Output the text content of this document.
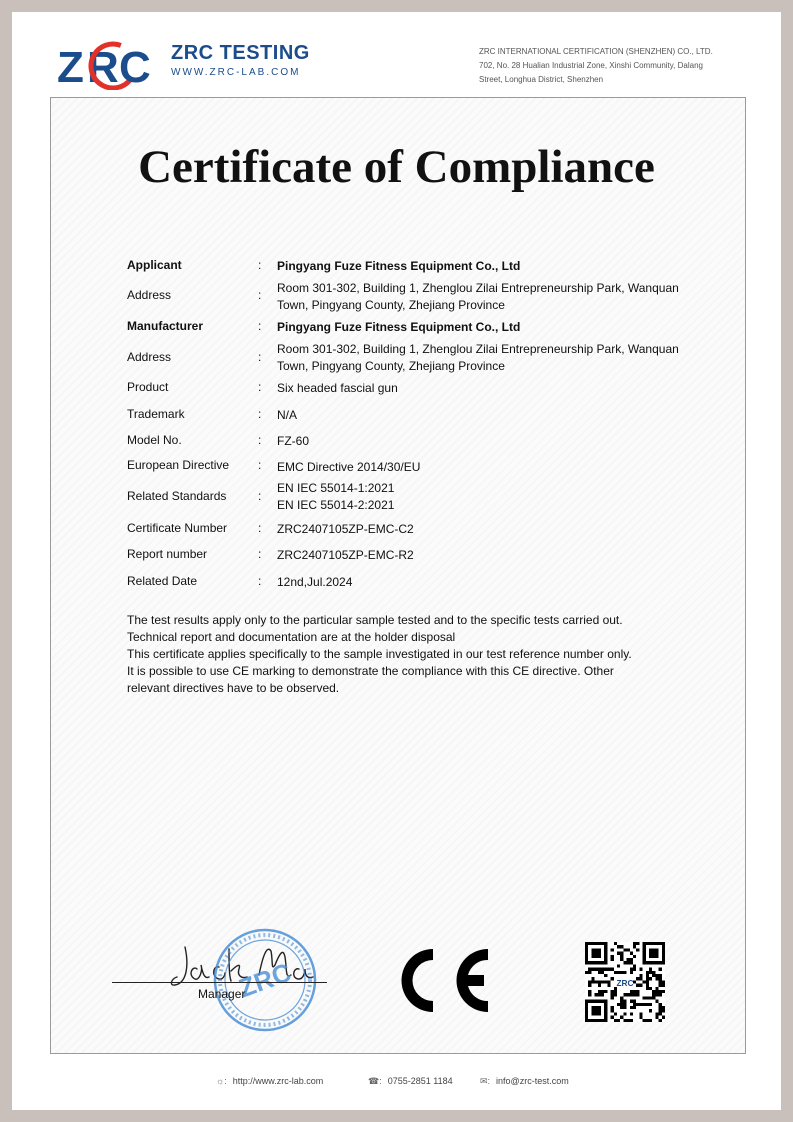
Z R C ZRC TESTING
WWW.ZRC-LAB.COM
ZRC INTERNATIONAL CERTIFICATION (SHENZHEN) CO., LTD.
702, No. 28 Hualian Industrial Zone, Xinshi Community, Dalang
Street, Longhua District, Shenzhen
Certificate of Compliance
Applicant	: Pingyang Fuze Fitness Equipment Co., Ltd
Address	: Room 301-302, Building 1, Zhenglou Zilai Entrepreneurship Park, Wanquan
Town, Pingyang County, Zhejiang Province
Manufacturer	: Pingyang Fuze Fitness Equipment Co., Ltd
Address	:
Room 301-302, Building 1, Zhenglou Zilai Entrepreneurship Park, Wanquan
Town, Pingyang County, Zhejiang Province
Product	: Six headed fascial gun
Trademark	: N/A
Model No.	: FZ-60
European Directive : EMC Directive 2014/30/EU
Related Standards	:
EN IEC 55014-1:2021
EN IEC 55014-2:2021
Certificate Number	: ZRC2407105ZP-EMC-C2
Report number	: ZRC2407105ZP-EMC-R2
Related Date	: 12nd,Jul.2024
The test results apply only to the particular sample tested and to the specific tests carried out.
Technical report and documentation are at the holder disposal
This certificate applies specifically to the sample investigated in our test reference number only.
It is possible to use CE marking to demonstrate the compliance with this CE directive. Other
relevant directives have to be observed.
ZRC
Manager
ZRC
☼: http://www.zrc-lab.com	☎: 0755-2851 1184	✉: info@zrc-test.com
